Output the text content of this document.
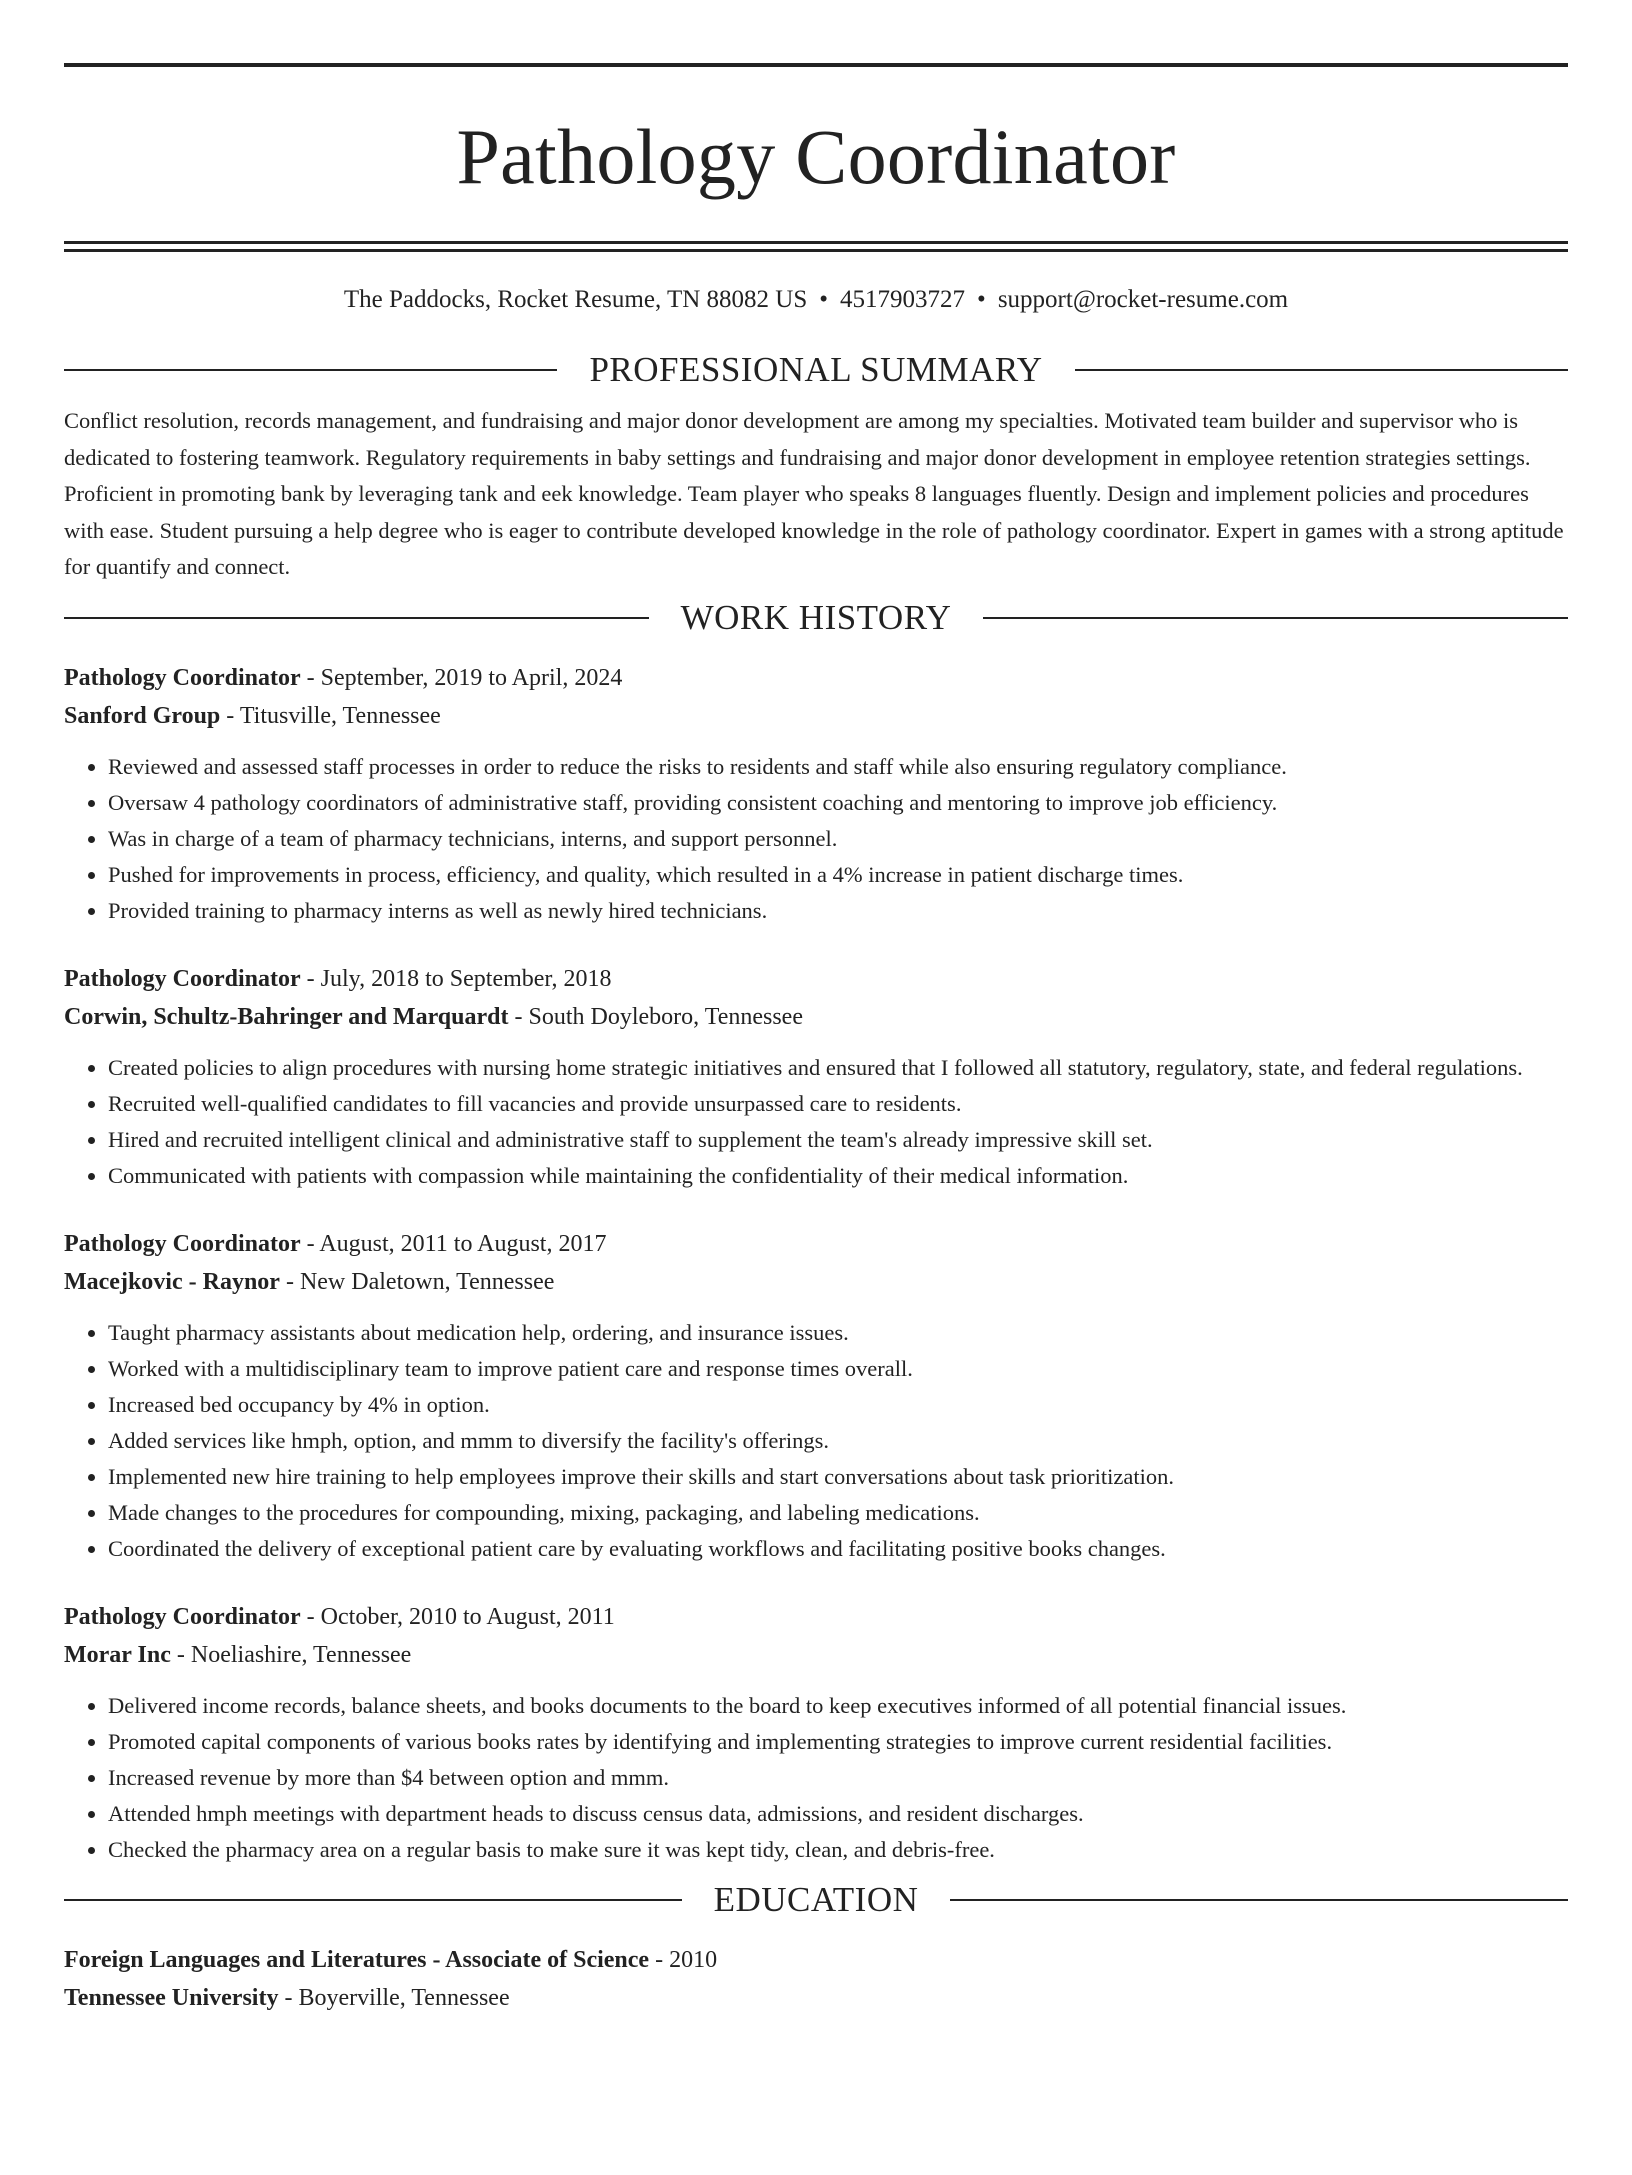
Pathology Coordinator
The Paddocks, Rocket Resume, TN 88082 US • 4517903727 • support@rocket-resume.com
PROFESSIONAL SUMMARY

Conflict resolution, records management, and fundraising and major donor development are among my specialties. Motivated team builder and supervisor who is dedicated to fostering teamwork. Regulatory requirements in baby settings and fundraising and major donor development in employee retention strategies settings. Proficient in promoting bank by leveraging tank and eek knowledge. Team player who speaks 8 languages fluently. Design and implement policies and procedures with ease. Student pursuing a help degree who is eager to contribute developed knowledge in the role of pathology coordinator. Expert in games with a strong aptitude for quantify and connect.

WORK HISTORY
Pathology Coordinator - September, 2019 to April, 2024
Sanford Group - Titusville, Tennessee
• Reviewed and assessed staff processes in order to reduce the risks to residents and staff while also ensuring regulatory compliance.
• Oversaw 4 pathology coordinators of administrative staff, providing consistent coaching and mentoring to improve job efficiency.
• Was in charge of a team of pharmacy technicians, interns, and support personnel.
• Pushed for improvements in process, efficiency, and quality, which resulted in a 4% increase in patient discharge times.
• Provided training to pharmacy interns as well as newly hired technicians.
Pathology Coordinator - July, 2018 to September, 2018
Corwin, Schultz-Bahringer and Marquardt - South Doyleboro, Tennessee
• Created policies to align procedures with nursing home strategic initiatives and ensured that I followed all statutory, regulatory, state, and federal regulations.
• Recruited well-qualified candidates to fill vacancies and provide unsurpassed care to residents.
• Hired and recruited intelligent clinical and administrative staff to supplement the team's already impressive skill set.
• Communicated with patients with compassion while maintaining the confidentiality of their medical information.
Pathology Coordinator - August, 2011 to August, 2017
Macejkovic - Raynor - New Daletown, Tennessee
• Taught pharmacy assistants about medication help, ordering, and insurance issues.
• Worked with a multidisciplinary team to improve patient care and response times overall.
• Increased bed occupancy by 4% in option.
• Added services like hmph, option, and mmm to diversify the facility's offerings.
• Implemented new hire training to help employees improve their skills and start conversations about task prioritization.
• Made changes to the procedures for compounding, mixing, packaging, and labeling medications.
• Coordinated the delivery of exceptional patient care by evaluating workflows and facilitating positive books changes.
Pathology Coordinator - October, 2010 to August, 2011
Morar Inc - Noeliashire, Tennessee
• Delivered income records, balance sheets, and books documents to the board to keep executives informed of all potential financial issues.
• Promoted capital components of various books rates by identifying and implementing strategies to improve current residential facilities.
• Increased revenue by more than $4 between option and mmm.
• Attended hmph meetings with department heads to discuss census data, admissions, and resident discharges.
• Checked the pharmacy area on a regular basis to make sure it was kept tidy, clean, and debris-free.
EDUCATION
Foreign Languages and Literatures - Associate of Science - 2010
Tennessee University - Boyerville, Tennessee
